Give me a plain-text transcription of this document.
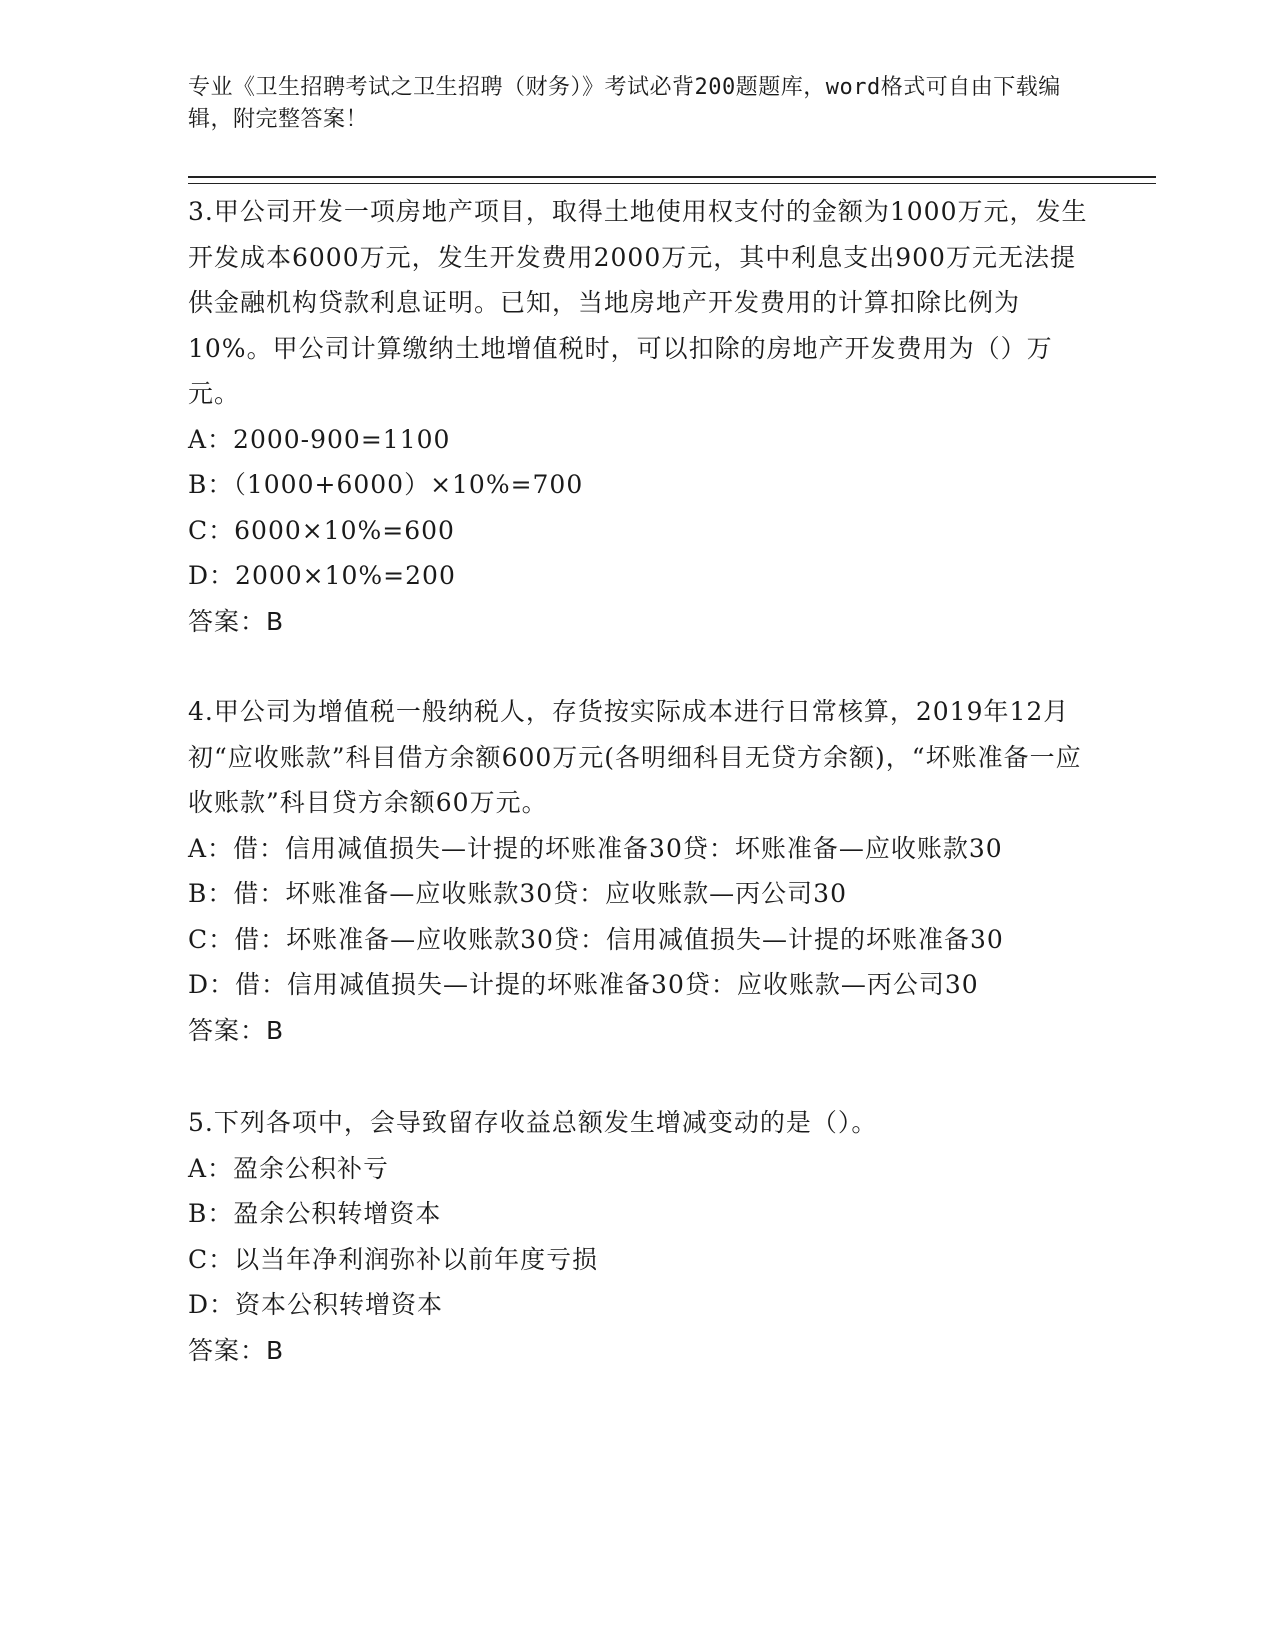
专业《卫生招聘考试之卫生招聘（财务）》考试必背200题题库，word格式可自由下载编辑，附完整答案！

3.甲公司开发一项房地产项目，取得土地使用权支付的金额为1000万元，发生开发成本6000万元，发生开发费用2000万元，其中利息支出900万元无法提供金融机构贷款利息证明。已知，当地房地产开发费用的计算扣除比例为10%。甲公司计算缴纳土地增值税时，可以扣除的房地产开发费用为（）万元。

A：2000-900=1100

B：（1000+6000）×10%=700

C：6000×10%=600

D：2000×10%=200

答案：B

4.甲公司为增值税一般纳税人，存货按实际成本进行日常核算，2019年12月初“应收账款”科目借方余额600万元(各明细科目无贷方余额)，“坏账准备一应收账款”科目贷方余额60万元。

A：借：信用减值损失—计提的坏账准备30贷：坏账准备—应收账款30

B：借：坏账准备—应收账款30贷：应收账款—丙公司30

C：借：坏账准备—应收账款30贷：信用减值损失—计提的坏账准备30

D：借：信用减值损失—计提的坏账准备30贷：应收账款—丙公司30

答案：B

5.下列各项中，会导致留存收益总额发生增减变动的是（）。

A：盈余公积补亏

B：盈余公积转增资本

C：以当年净利润弥补以前年度亏损

D：资本公积转增资本

答案：B
